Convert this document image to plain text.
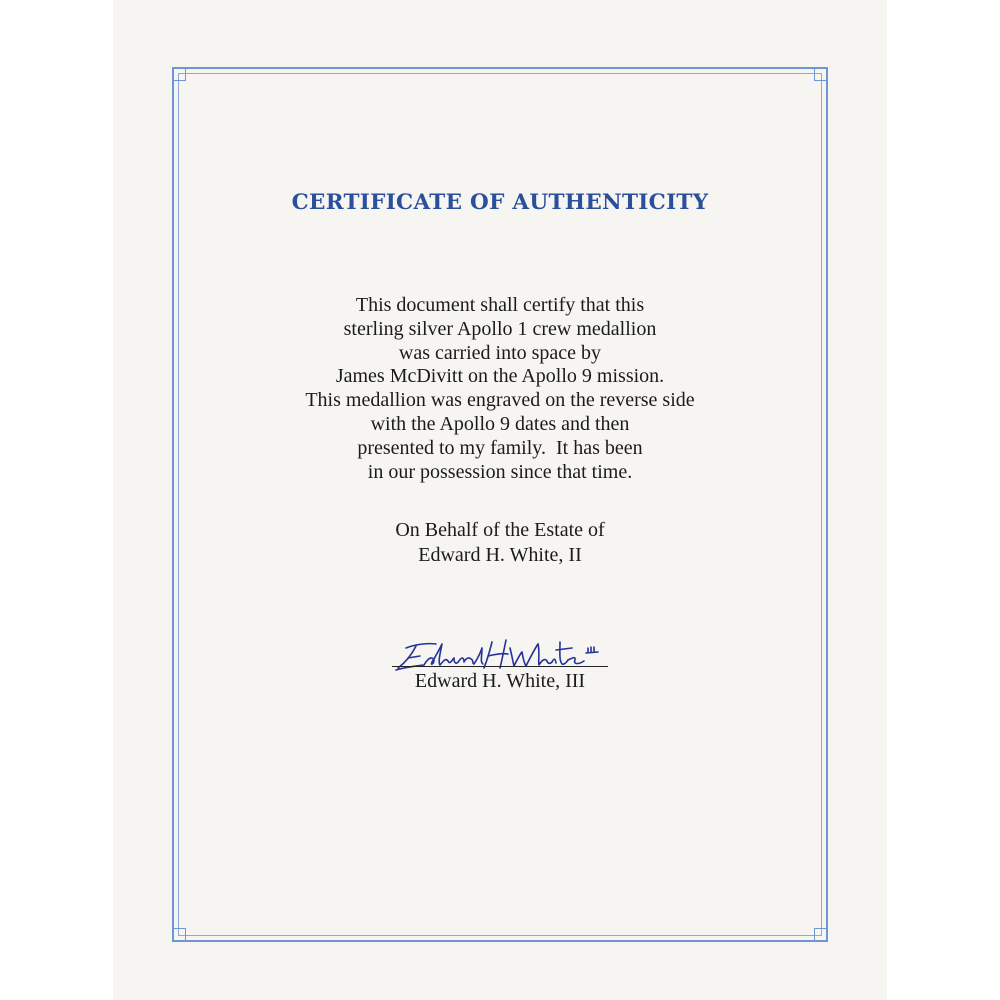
CERTIFICATE OF AUTHENTICITY
This document shall certify that this
sterling silver Apollo 1 crew medallion
was carried into space by
James McDivitt on the Apollo 9 mission.
This medallion was engraved on the reverse side
with the Apollo 9 dates and then
presented to my family.  It has been
in our possession since that time.
On Behalf of the Estate of
Edward H. White, II
Edward H. White, III
